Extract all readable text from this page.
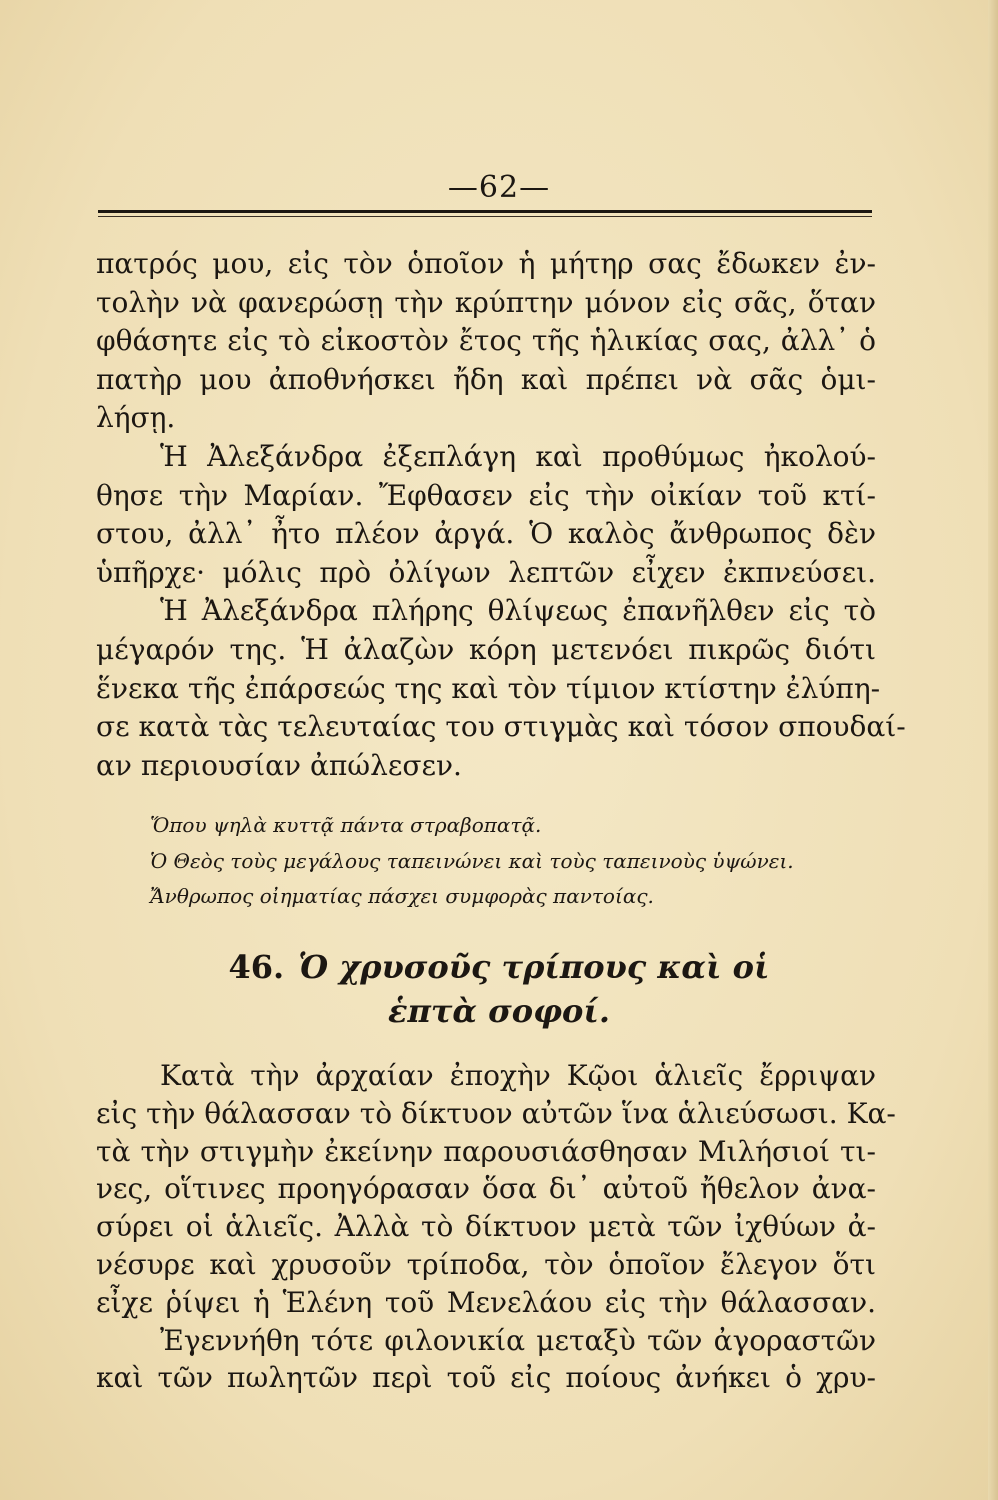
—62—
πατρός μου, εἰς τὸν ὁποῖον ἡ μήτηρ σας ἔδωκεν ἐν-
τολὴν νὰ φανερώσῃ τὴν κρύπτην μόνον εἰς σᾶς, ὅταν
φθάσητε εἰς τὸ εἰκοστὸν ἔτος τῆς ἡλικίας σας, ἀλλ᾽ ὁ
πατὴρ μου ἀποθνήσκει ἤδη καὶ πρέπει νὰ σᾶς ὁμι-
λήσῃ.
Ἡ Ἀλεξάνδρα ἐξεπλάγη καὶ προθύμως ἠκολού-
θησε τὴν Μαρίαν. Ἔφθασεν εἰς τὴν οἰκίαν τοῦ κτί-
στου, ἀλλ᾽ ἦτο πλέον ἀργά. Ὁ καλὸς ἄνθρωπος δὲν
ὑπῆρχε· μόλις πρὸ ὀλίγων λεπτῶν εἶχεν ἐκπνεύσει.
Ἡ Ἀλεξάνδρα πλήρης θλίψεως ἐπανῆλθεν εἰς τὸ
μέγαρόν της. Ἡ ἀλαζὼν κόρη μετενόει πικρῶς διότι
ἕνεκα τῆς ἐπάρσεώς της καὶ τὸν τίμιον κτίστην ἐλύπη-
σε κατὰ τὰς τελευταίας του στιγμὰς καὶ τόσον σπουδαί-
αν περιουσίαν ἀπώλεσεν.
Ὅπου ψηλὰ κυττᾷ πάντα στραβοπατᾷ.
Ὁ Θεὸς τοὺς μεγάλους ταπεινώνει καὶ τοὺς ταπεινοὺς ὑψώνει.
Ἄνθρωπος οἰηματίας πάσχει συμφορὰς παντοίας.
46. Ὁ χρυσοῦς τρίπους καὶ οἱ
ἑπτὰ σοφοί.
Κατὰ τὴν ἀρχαίαν ἐποχὴν Κῷοι ἁλιεῖς ἔρριψαν
εἰς τὴν θάλασσαν τὸ δίκτυον αὐτῶν ἵνα ἁλιεύσωσι. Κα-
τὰ τὴν στιγμὴν ἐκείνην παρουσιάσθησαν Μιλήσιοί τι-
νες, οἵτινες προηγόρασαν ὅσα δι᾽ αὐτοῦ ἤθελον ἀνα-
σύρει οἱ ἁλιεῖς. Ἀλλὰ τὸ δίκτυον μετὰ τῶν ἰχθύων ἀ-
νέσυρε καὶ χρυσοῦν τρίποδα, τὸν ὁποῖον ἔλεγον ὅτι
εἶχε ῥίψει ἡ Ἑλένη τοῦ Μενελάου εἰς τὴν θάλασσαν.
Ἐγεννήθη τότε φιλονικία μεταξὺ τῶν ἀγοραστῶν
καὶ τῶν πωλητῶν περὶ τοῦ εἰς ποίους ἀνήκει ὁ χρυ-
